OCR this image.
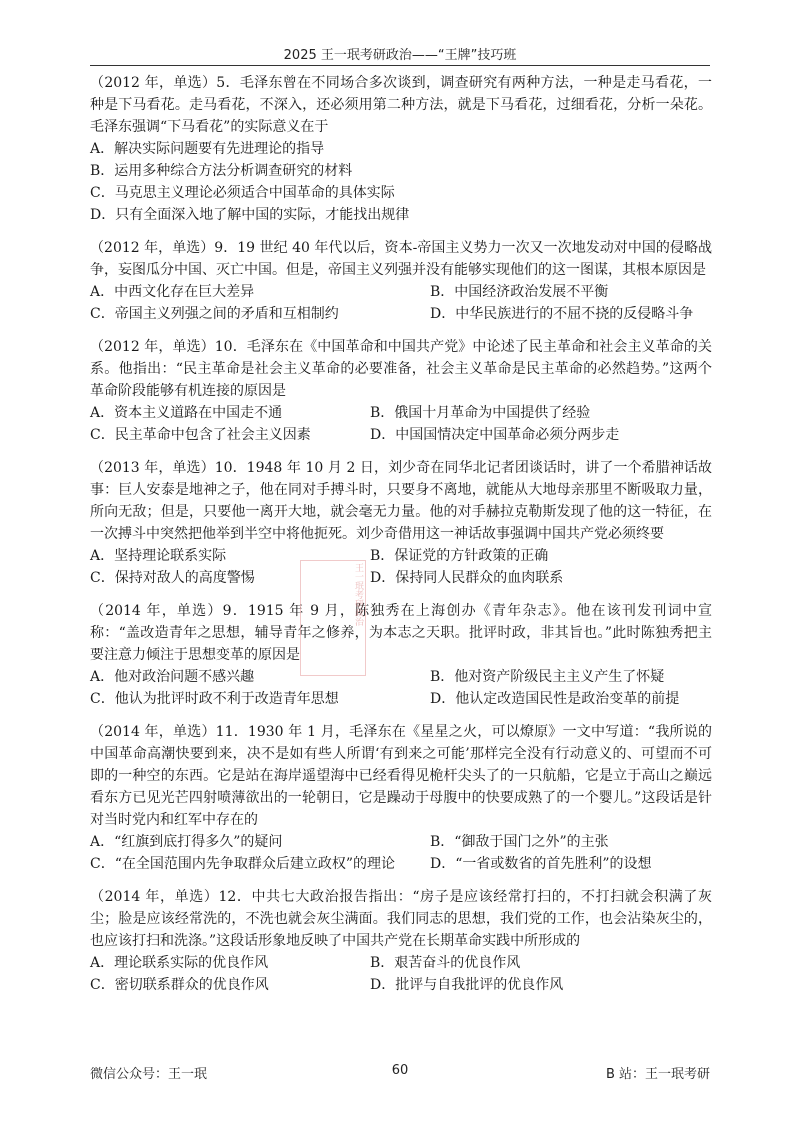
2025 王一珉考研政治——“王牌”技巧班

（2012 年，单选）5．毛泽东曾在不同场合多次谈到，调查研究有两种方法，一种是走马看花，一种是下马看花。走马看花，不深入，还必须用第二种方法，就是下马看花，过细看花，分析一朵花。毛泽东强调“下马看花”的实际意义在于

A．解决实际问题要有先进理论的指导
B．运用多种综合方法分析调查研究的材料
C．马克思主义理论必须适合中国革命的具体实际
D．只有全面深入地了解中国的实际，才能找出规律

（2012 年，单选）9．19 世纪 40 年代以后，资本-帝国主义势力一次又一次地发动对中国的侵略战争，妄图瓜分中国、灭亡中国。但是，帝国主义列强并没有能够实现他们的这一图谋，其根本原因是

A．中西文化存在巨大差异	B．中国经济政治发展不平衡
C．帝国主义列强之间的矛盾和互相制约	D．中华民族进行的不屈不挠的反侵略斗争

（2012 年，单选）10．毛泽东在《中国革命和中国共产党》中论述了民主革命和社会主义革命的关系。他指出：“民主革命是社会主义革命的必要准备，社会主义革命是民主革命的必然趋势。”这两个革命阶段能够有机连接的原因是

A．资本主义道路在中国走不通	B．俄国十月革命为中国提供了经验
C．民主革命中包含了社会主义因素	D．中国国情决定中国革命必须分两步走

（2013 年，单选）10．1948 年 10 月 2 日，刘少奇在同华北记者团谈话时，讲了一个希腊神话故事：巨人安泰是地神之子，他在同对手搏斗时，只要身不离地，就能从大地母亲那里不断吸取力量，所向无敌；但是，只要他一离开大地，就会毫无力量。他的对手赫拉克勒斯发现了他的这一特征，在一次搏斗中突然把他举到半空中将他扼死。刘少奇借用这一神话故事强调中国共产党必须终要

A．坚持理论联系实际	B．保证党的方针政策的正确
C．保持对敌人的高度警惕	D．保持同人民群众的血肉联系

（2014 年，单选）9．1915 年 9 月，陈独秀在上海创办《青年杂志》。他在该刊发刊词中宣称：“盖改造青年之思想，辅导青年之修养，为本志之天职。批评时政，非其旨也。”此时陈独秀把主要注意力倾注于思想变革的原因是

A．他对政治问题不感兴趣	B．他对资产阶级民主主义产生了怀疑
C．他认为批评时政不利于改造青年思想	D．他认定改造国民性是政治变革的前提

（2014 年，单选）11．1930 年 1 月，毛泽东在《星星之火，可以燎原》一文中写道：“我所说的中国革命高潮快要到来，决不是如有些人所谓‘有到来之可能’那样完全没有行动意义的、可望而不可即的一种空的东西。它是站在海岸遥望海中已经看得见桅杆尖头了的一只航船，它是立于高山之巅远看东方已见光芒四射喷薄欲出的一轮朝日，它是躁动于母腹中的快要成熟了的一个婴儿。”这段话是针对当时党内和红军中存在的

A．“红旗到底打得多久”的疑问	B．“御敌于国门之外”的主张
C．“在全国范围内先争取群众后建立政权”的理论	D．“一省或数省的首先胜利”的设想

（2014 年，单选）12．中共七大政治报告指出：“房子是应该经常打扫的，不打扫就会积满了灰尘；脸是应该经常洗的，不洗也就会灰尘满面。我们同志的思想，我们党的工作，也会沾染灰尘的，也应该打扫和洗涤。”这段话形象地反映了中国共产党在长期革命实践中所形成的

A．理论联系实际的优良作风	B．艰苦奋斗的优良作风
C．密切联系群众的优良作风	D．批评与自我批评的优良作风
王一珉考研政治
微信公众号：王一珉	60	B 站：王一珉考研
